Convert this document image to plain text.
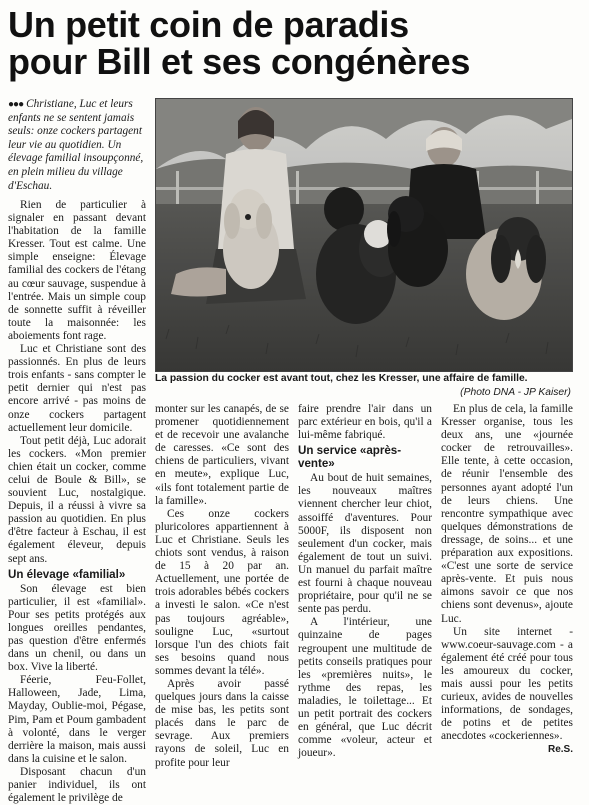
Un petit coin de paradis
pour Bill et ses congénères
●●● Christiane, Luc et leurs enfants ne se sentent jamais seuls: onze cockers partagent leur vie au quotidien. Un élevage familial insoupçonné, en plein milieu du village d'Eschau.
La passion du cocker est avant tout, chez les Kresser, une affaire de famille.
(Photo DNA - JP Kaiser)

Rien de particulier à signaler en passant devant l'habitation de la famille Kresser. Tout est calme. Une simple enseigne: Élevage familial des cockers de l'étang au cœur sauvage, suspendue à l'entrée. Mais un simple coup de sonnette suffit à réveiller toute la maisonnée: les aboiements font rage.

Luc et Christiane sont des passionnés. En plus de leurs trois enfants - sans compter le petit dernier qui n'est pas encore arrivé - pas moins de onze cockers partagent actuellement leur domicile.

Tout petit déjà, Luc adorait les cockers. «Mon premier chien était un cocker, comme celui de Boule & Bill», se souvient Luc, nostalgique. Depuis, il a réussi à vivre sa passion au quotidien. En plus d'être facteur à Eschau, il est également éleveur, depuis sept ans.

Un élevage «familial»

Son élevage est bien particulier, il est «familial». Pour ses petits protégés aux longues oreilles pendantes, pas question d'être enfermés dans un chenil, ou dans un box. Vive la liberté.

Féerie, Feu-Follet, Halloween, Jade, Lima, Mayday, Oublie-moi, Pégase, Pim, Pam et Poum gambadent à volonté, dans le verger derrière la maison, mais aussi dans la cuisine et le salon.

Disposant chacun d'un panier individuel, ils ont également le privilège de

monter sur les canapés, de se promener quotidiennement et de recevoir une avalanche de caresses. «Ce sont des chiens de particuliers, vivant en meute», explique Luc, «ils font totalement partie de la famille».

Ces onze cockers pluricolores appartiennent à Luc et Christiane. Seuls les chiots sont vendus, à raison de 15 à 20 par an. Actuellement, une portée de trois adorables bébés cockers a investi le salon. «Ce n'est pas toujours agréable», souligne Luc, «surtout lorsque l'un des chiots fait ses besoins quand nous sommes devant la télé».

Après avoir passé quelques jours dans la caisse de mise bas, les petits sont placés dans le parc de sevrage. Aux premiers rayons de soleil, Luc en profite pour leur

faire prendre l'air dans un parc extérieur en bois, qu'il a lui-même fabriqué.

Un service «après-vente»

Au bout de huit semaines, les nouveaux maîtres viennent chercher leur chiot, assoiffé d'aventures. Pour 5000F, ils disposent non seulement d'un cocker, mais également de tout un suivi. Un manuel du parfait maître est fourni à chaque nouveau propriétaire, pour qu'il ne se sente pas perdu.

A l'intérieur, une quinzaine de pages regroupent une multitude de petits conseils pratiques pour les «premières nuits», le rythme des repas, les maladies, le toilettage... Et un petit portrait des cockers en général, que Luc décrit comme «voleur, acteur et joueur».

En plus de cela, la famille Kresser organise, tous les deux ans, une «journée cocker de retrouvailles». Elle tente, à cette occasion, de réunir l'ensemble des personnes ayant adopté l'un de leurs chiens. Une rencontre sympathique avec quelques démonstrations de dressage, de soins... et une préparation aux expositions. «C'est une sorte de service après-vente. Et puis nous aimons savoir ce que nos chiens sont devenus», ajoute Luc.

Un site internet - www.coeur-sauvage.com - a également été créé pour tous les amoureux du cocker, mais aussi pour les petits curieux, avides de nouvelles informations, de sondages, de potins et de petites anecdotes «cockeriennes».

Re.S.
